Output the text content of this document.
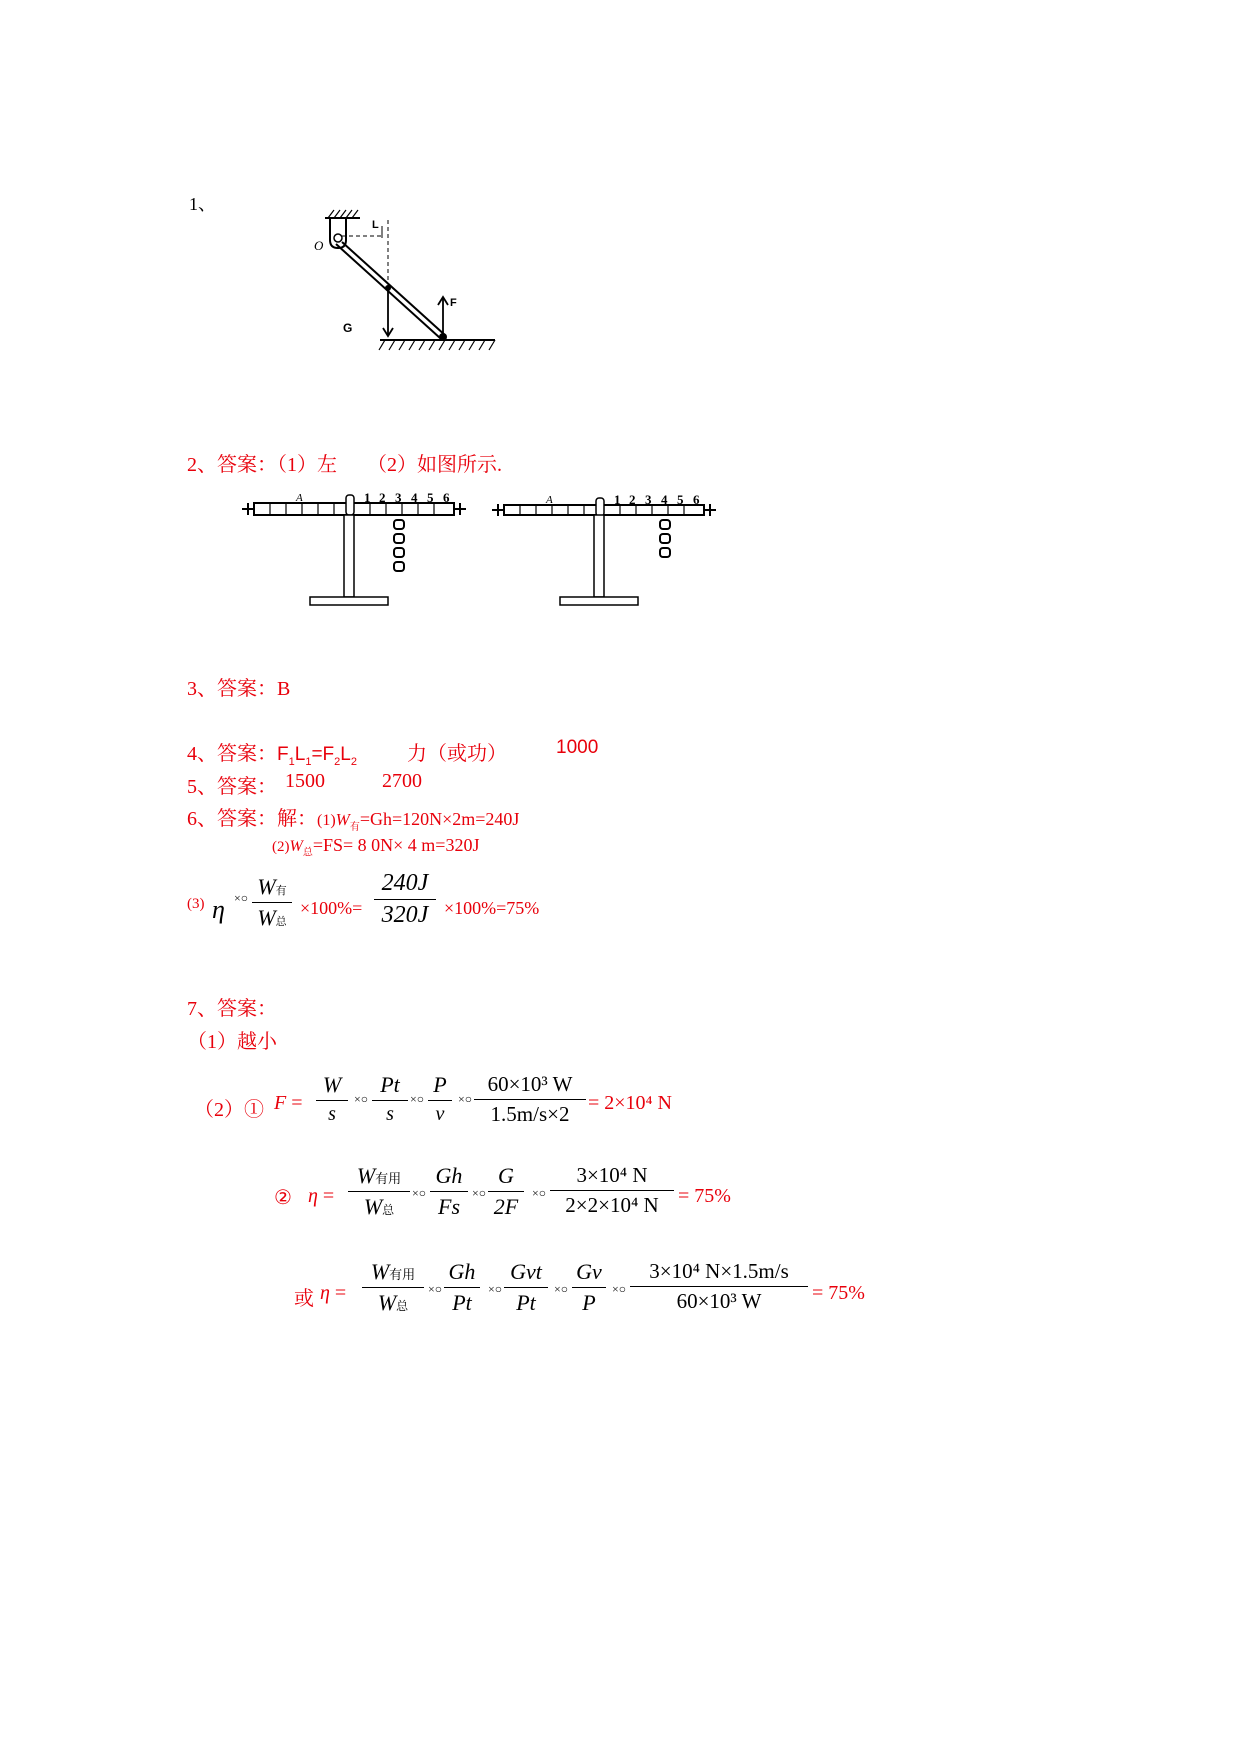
1、
L
O
G
F
2、答案：（1）左　　（2）如图所示.
A	1 2 3 4 5 6	A	1 2 3 4 5 6
3、答案：B
4、答案：$F_1L_1=F_2L_2$	力（或功）	1000
5、答案： 1500	2700
6、答案：解：$(1)W_有=Gh=120N\times 2m=240J$
$(2)W_总=FS= 8$ 0N× 4 m=320J
(3) η ×○ W有
W总
×100%=
240J
320J ×100%=75%
7、答案：
（1）越小
（2）① F =
W
s
×○
Pt
s
×○
P
v
×○
60×10³ W
1.5m/s×2 = 2×10⁴ N
② η =
W有用
W总
×○
Gh
Fs
×○
G
2F
×○
3×10⁴ N
2×2×10⁴ N = 75%
或 η =
W有用
W总
×○
Gh
Pt
×○
Gvt
Pt
×○
Gv
P
×○
3×10⁴ N×1.5m/s
60×10³ W	= 75%
